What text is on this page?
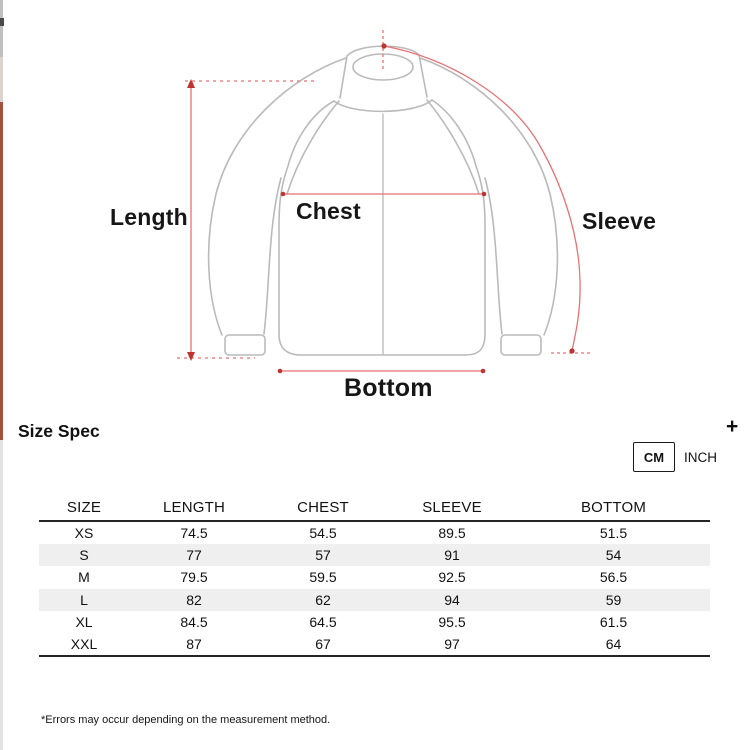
Length	Chest	Sleeve
Bottom
Size Spec	+
CM	INCH
SIZE	LENGTH	CHEST	SLEEVE	BOTTOM
XS	74.5	54.5	89.5	51.5
S	77	57	91	54
M	79.5	59.5	92.5	56.5
L	82	62	94	59
XL	84.5	64.5	95.5	61.5
XXL	87	67	97	64
*Errors may occur depending on the measurement method.
